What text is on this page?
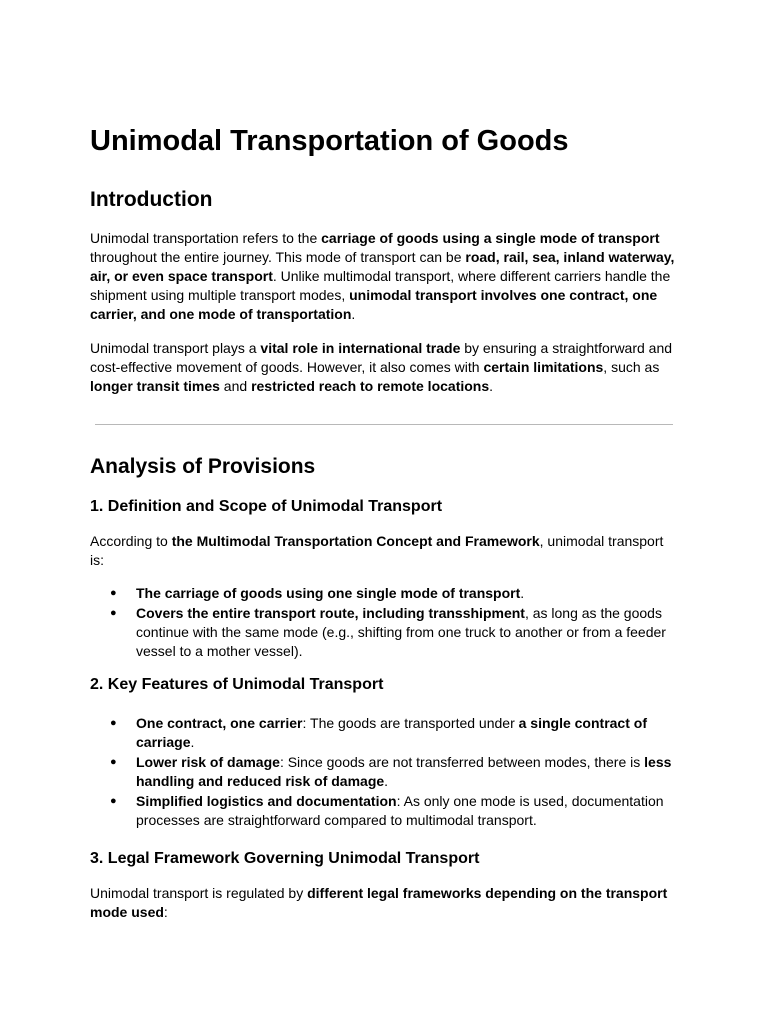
Unimodal Transportation of Goods
Introduction

Unimodal transportation refers to the carriage of goods using a single mode of transport throughout the entire journey. This mode of transport can be road, rail, sea, inland waterway, air, or even space transport. Unlike multimodal transport, where different carriers handle the shipment using multiple transport modes, unimodal transport involves one contract, one carrier, and one mode of transportation.

Unimodal transport plays a vital role in international trade by ensuring a straightforward and cost-effective movement of goods. However, it also comes with certain limitations, such as longer transit times and restricted reach to remote locations.

Analysis of Provisions
1. Definition and Scope of Unimodal Transport

According to the Multimodal Transportation Concept and Framework, unimodal transport is:

● The carriage of goods using one single mode of transport.
● Covers the entire transport route, including transshipment, as long as the goods continue with the same mode (e.g., shifting from one truck to another or from a feeder vessel to a mother vessel).
2. Key Features of Unimodal Transport
● One contract, one carrier: The goods are transported under a single contract of carriage.
● Lower risk of damage: Since goods are not transferred between modes, there is less handling and reduced risk of damage.
● Simplified logistics and documentation: As only one mode is used, documentation processes are straightforward compared to multimodal transport.
3. Legal Framework Governing Unimodal Transport

Unimodal transport is regulated by different legal frameworks depending on the transport mode used:
